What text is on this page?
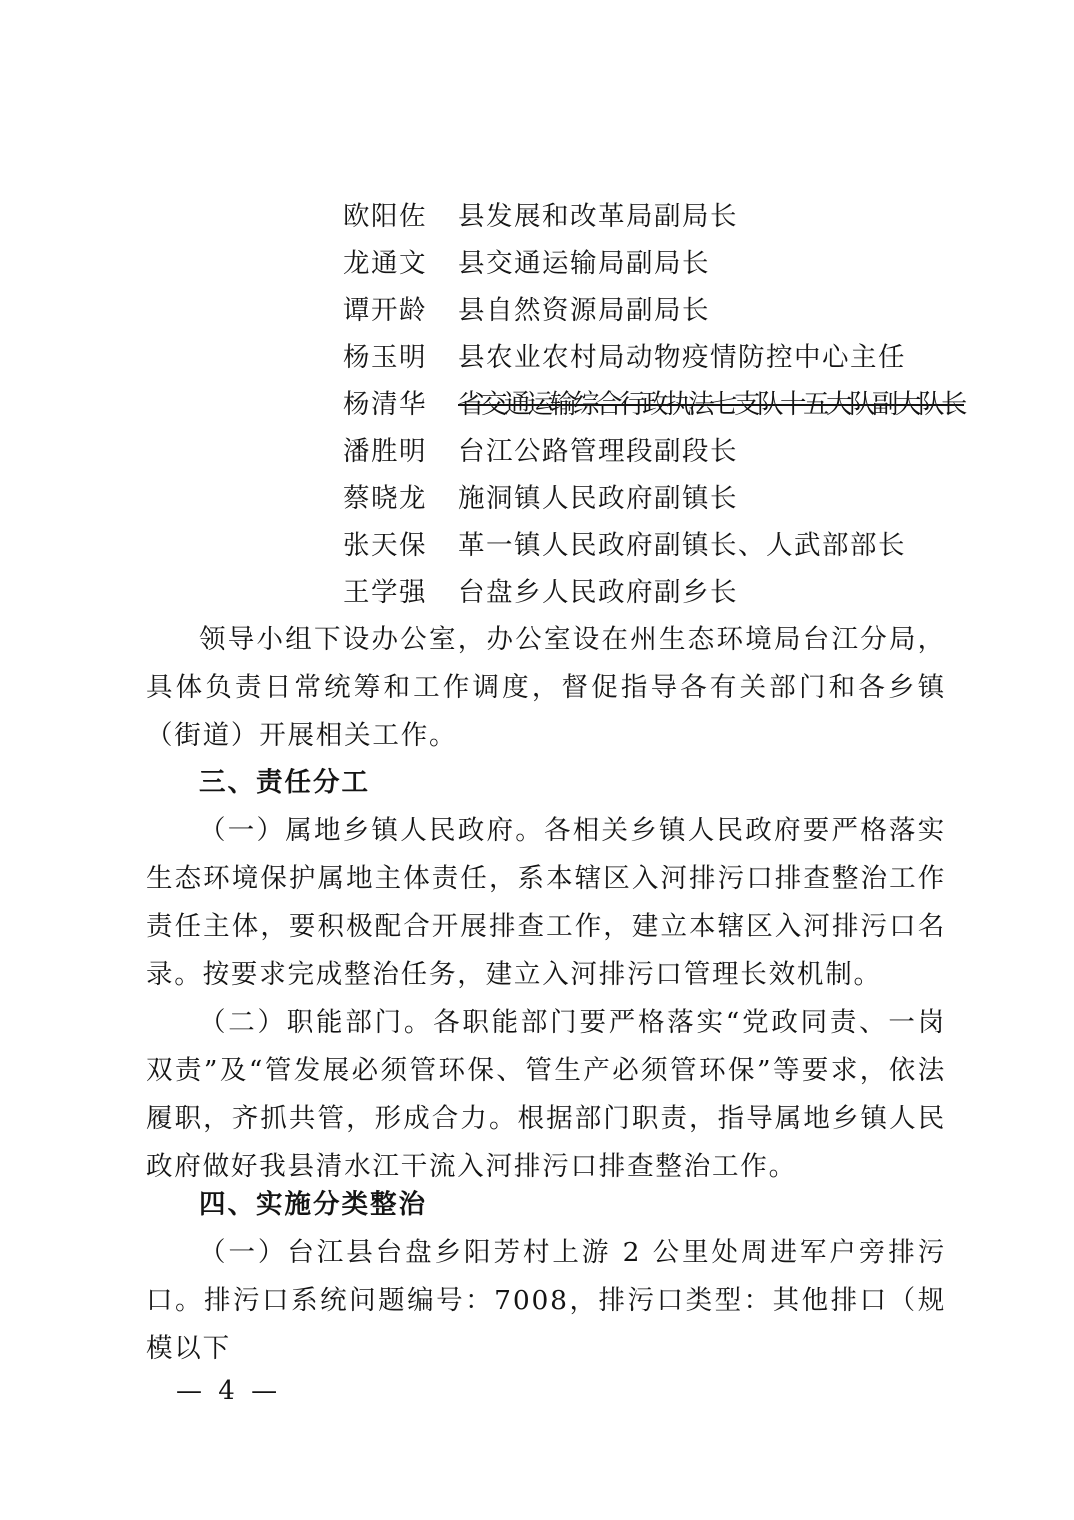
欧阳佐 县发展和改革局副局长
龙通文 县交通运输局副局长
谭开龄 县自然资源局副局长
杨玉明 县农业农村局动物疫情防控中心主任
杨清华 省交通运输综合行政执法七支队十五大队副大队长
潘胜明 台江公路管理段副段长
蔡晓龙 施洞镇人民政府副镇长
张天保 革一镇人民政府副镇长、人武部部长
王学强 台盘乡人民政府副乡长

领导小组下设办公室，办公室设在州生态环境局台江分局，具体负责日常统筹和工作调度，督促指导各有关部门和各乡镇（街道）开展相关工作。

三、责任分工

（一）属地乡镇人民政府。各相关乡镇人民政府要严格落实生态环境保护属地主体责任，系本辖区入河排污口排查整治工作责任主体，要积极配合开展排查工作，建立本辖区入河排污口名录。按要求完成整治任务，建立入河排污口管理长效机制。

（二）职能部门。各职能部门要严格落实“党政同责、一岗双责”及“管发展必须管环保、管生产必须管环保”等要求，依法履职，齐抓共管，形成合力。根据部门职责，指导属地乡镇人民政府做好我县清水江干流入河排污口排查整治工作。

四、实施分类整治

（一）台江县台盘乡阳芳村上游 2 公里处周进军户旁排污口。排污口系统问题编号：7008，排污口类型：其他排口（规模以下

— 4 —
